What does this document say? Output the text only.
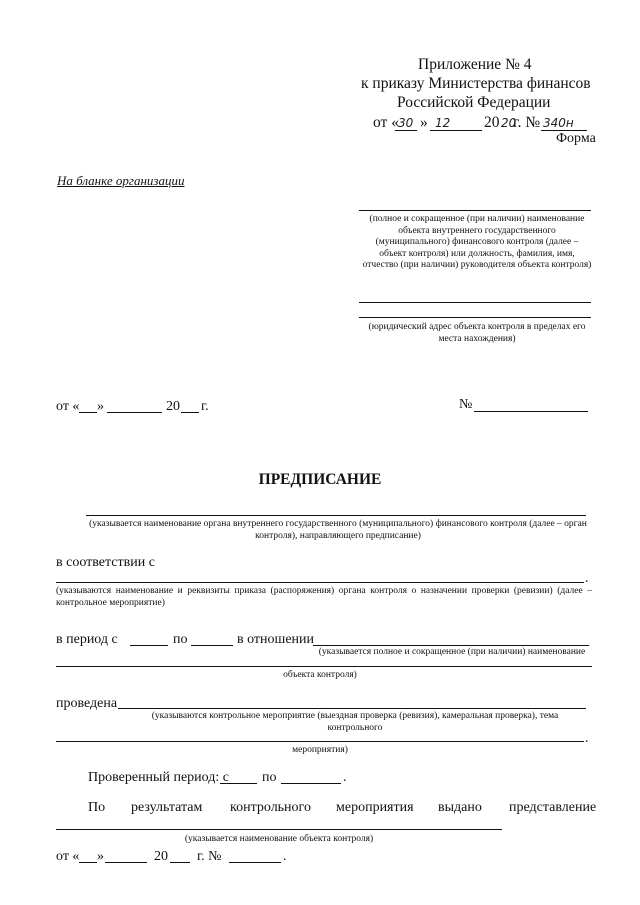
Приложение № 4
к приказу Министерства финансов
Российской Федерации
от « 30 » 12 20 20
г. № 340н
Форма
На бланке организации
(полное и сокращенное (при наличии) наименование объекта внутреннего государственного (муниципального) финансового контроля (далее – объект контроля) или должность, фамилия, имя, отчество (при наличии) руководителя объекта контроля)
(юридический адрес объекта контроля в пределах его места нахождения)
от « »	20 г.	№
ПРЕДПИСАНИЕ
(указывается наименование органа внутреннего государственного (муниципального) финансового контроля (далее – орган контроля), направляющего предписание)
в соответствии с
.
(указываются наименование и реквизиты приказа (распоряжения) органа контроля о назначении проверки (ревизии) (далее – контрольное мероприятие)
в период с	по	в отношении
(указывается полное и сокращенное (при наличии) наименование
объекта контроля)
проведена
(указываются контрольное мероприятие (выездная проверка (ревизия), камеральная проверка), тема
контрольного
.
мероприятия)
Проверенный период: с по	.
По результатам контрольного мероприятия выдано представление
(указывается наименование объекта контроля)
от « »	20 г. №	.
